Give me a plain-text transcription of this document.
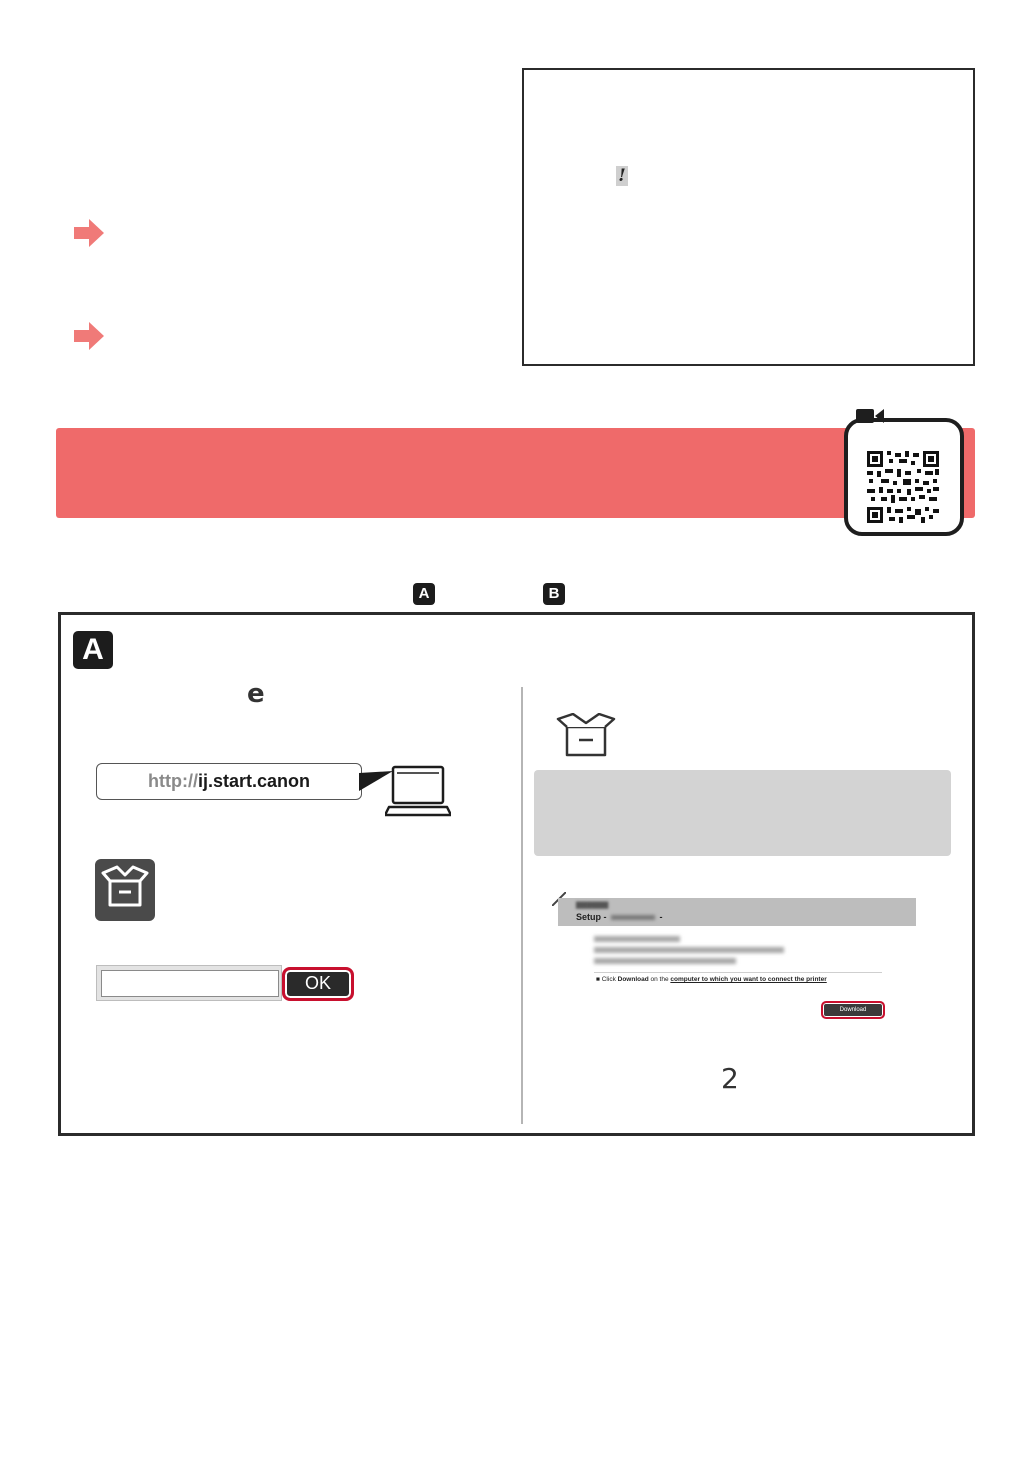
!
A	B
A
e
http://ij.start.canon
OK
▇▇▇▇▇▇
Setup -	-
■ Click Download on the computer to which you want to connect the printer
Download
2
